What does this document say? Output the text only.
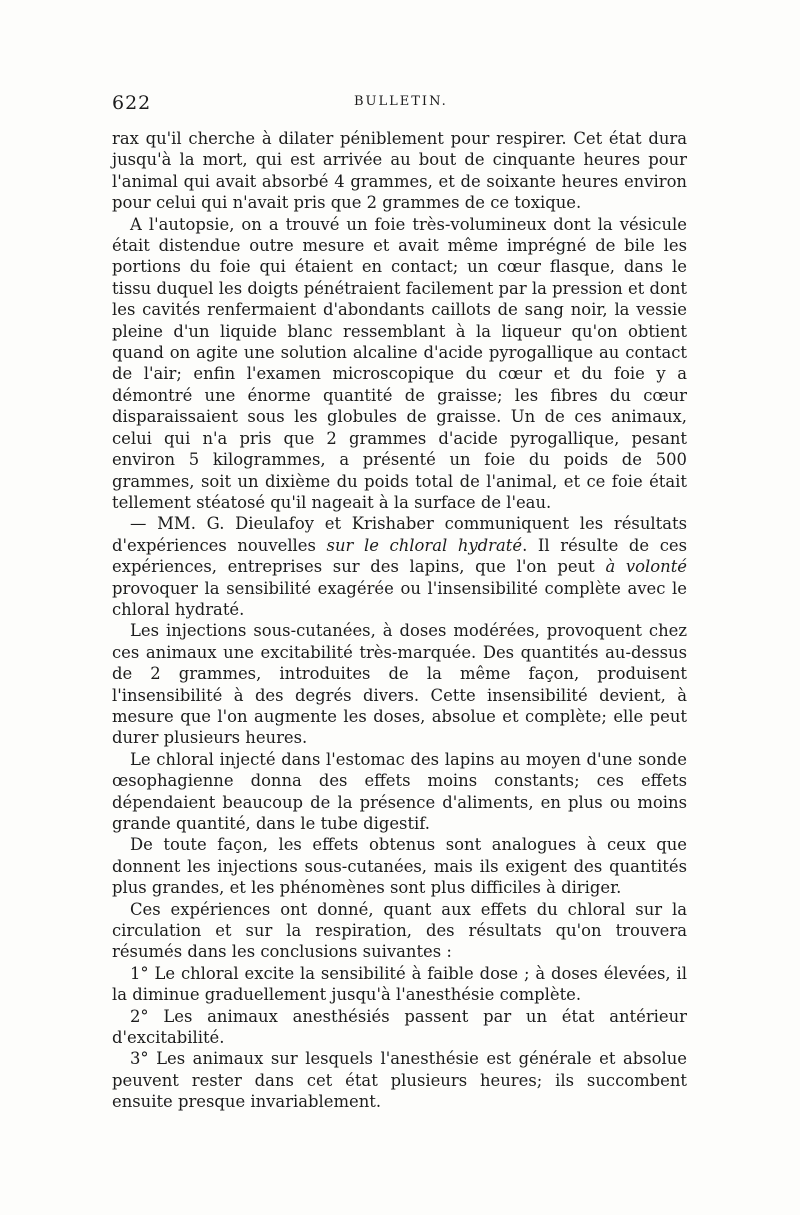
622	BULLETIN.

rax qu'il cherche à dilater péniblement pour respirer. Cet état dura jusqu'à la mort, qui est arrivée au bout de cinquante heures pour l'animal qui avait absorbé 4 grammes, et de soixante heures environ pour celui qui n'avait pris que 2 grammes de ce toxique.

A l'autopsie, on a trouvé un foie très-volumineux dont la vésicule était distendue outre mesure et avait même imprégné de bile les portions du foie qui étaient en contact; un cœur flasque, dans le tissu duquel les doigts pénétraient facilement par la pression et dont les cavités renfermaient d'abondants caillots de sang noir, la vessie pleine d'un liquide blanc ressemblant à la liqueur qu'on obtient quand on agite une solution alcaline d'acide pyrogallique au contact de l'air; enfin l'examen microscopique du cœur et du foie y a démontré une énorme quantité de graisse; les fibres du cœur disparaissaient sous les globules de graisse. Un de ces animaux, celui qui n'a pris que 2 grammes d'acide pyrogallique, pesant environ 5 kilogrammes, a présenté un foie du poids de 500 grammes, soit un dixième du poids total de l'animal, et ce foie était tellement stéatosé qu'il nageait à la surface de l'eau.

— MM. G. Dieulafoy et Krishaber communiquent les résultats d'expériences nouvelles sur le chloral hydraté. Il résulte de ces expériences, entreprises sur des lapins, que l'on peut à volonté provoquer la sensibilité exagérée ou l'insensibilité complète avec le chloral hydraté.

Les injections sous-cutanées, à doses modérées, provoquent chez ces animaux une excitabilité très-marquée. Des quantités au-dessus de 2 grammes, introduites de la même façon, produisent l'insensibilité à des degrés divers. Cette insensibilité devient, à mesure que l'on augmente les doses, absolue et complète; elle peut durer plusieurs heures.

Le chloral injecté dans l'estomac des lapins au moyen d'une sonde œsophagienne donna des effets moins constants; ces effets dépendaient beaucoup de la présence d'aliments, en plus ou moins grande quantité, dans le tube digestif.

De toute façon, les effets obtenus sont analogues à ceux que donnent les injections sous-cutanées, mais ils exigent des quantités plus grandes, et les phénomènes sont plus difficiles à diriger.

Ces expériences ont donné, quant aux effets du chloral sur la circulation et sur la respiration, des résultats qu'on trouvera résumés dans les conclusions suivantes :

1° Le chloral excite la sensibilité à faible dose ; à doses élevées, il la diminue graduellement jusqu'à l'anesthésie complète.

2° Les animaux anesthésiés passent par un état antérieur d'excitabilité.

3° Les animaux sur lesquels l'anesthésie est générale et absolue peuvent rester dans cet état plusieurs heures; ils succombent ensuite presque invariablement.
